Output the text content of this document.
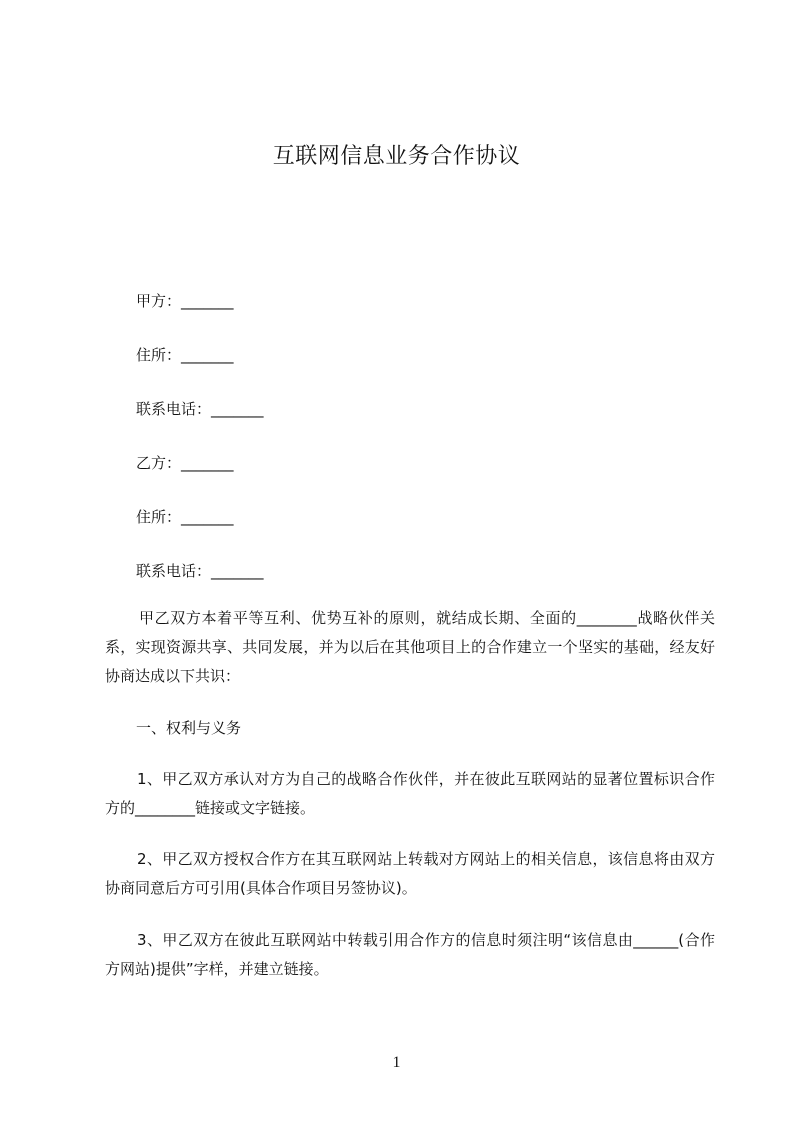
互联网信息业务合作协议
甲方：_______
住所：_______
联系电话：_______
乙方：_______
住所：_______
联系电话：_______
甲乙双方本着平等互利、优势互补的原则，就结成长期、全面的________战略伙伴关系，实现资源共享、共同发展，并为以后在其他项目上的合作建立一个坚实的基础，经友好协商达成以下共识：
一、权利与义务
1、甲乙双方承认对方为自己的战略合作伙伴，并在彼此互联网站的显著位置标识合作方的________链接或文字链接。
2、甲乙双方授权合作方在其互联网站上转载对方网站上的相关信息，该信息将由双方协商同意后方可引用(具体合作项目另签协议)。
3、甲乙双方在彼此互联网站中转载引用合作方的信息时须注明“该信息由______(合作方网站)提供”字样，并建立链接。
1
